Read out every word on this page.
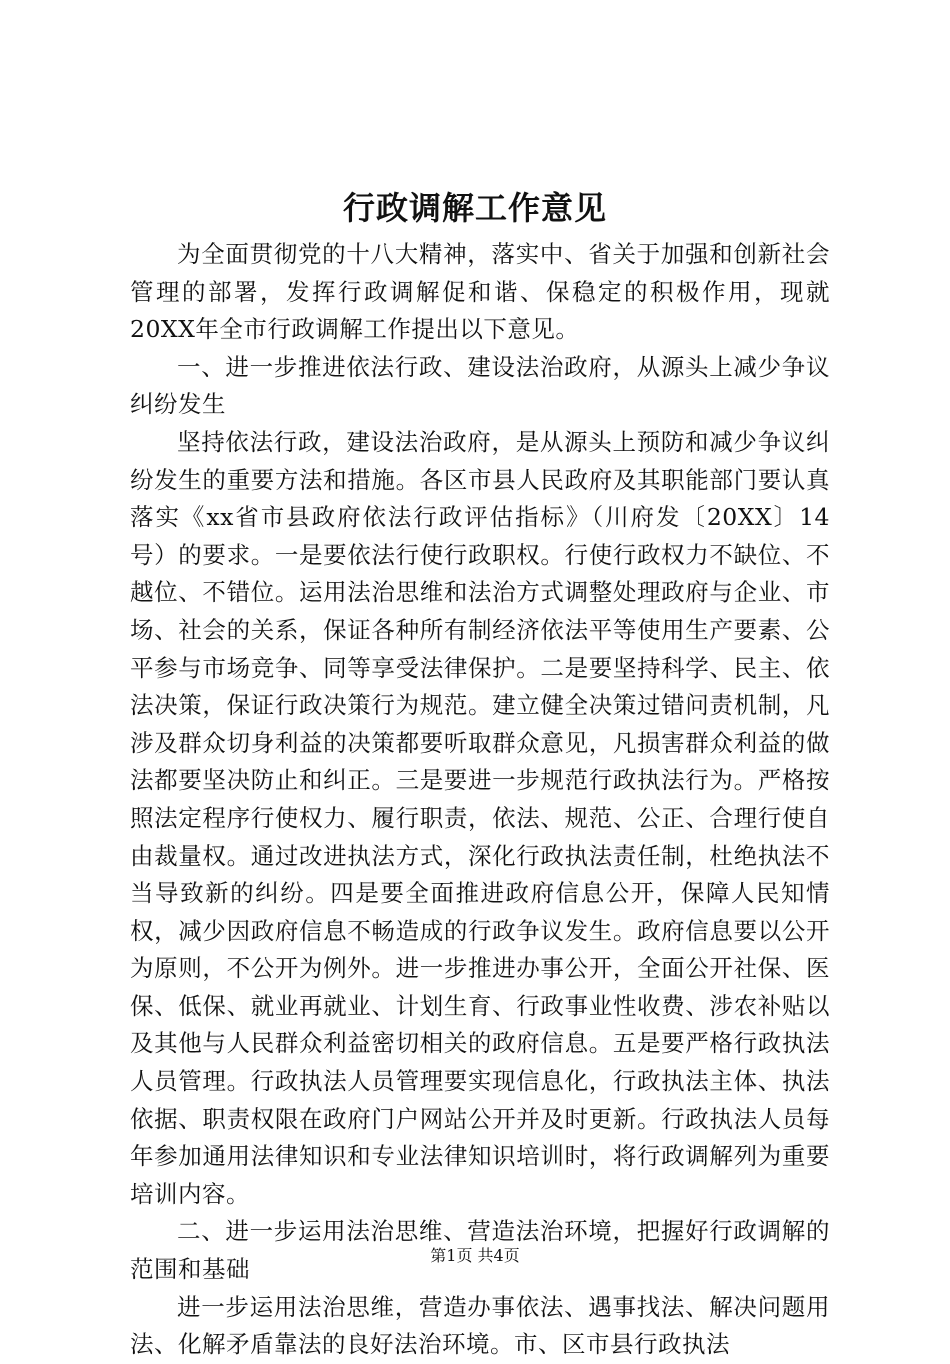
行政调解工作意见

为全面贯彻党的十八大精神，落实中、省关于加强和创新社会管理的部署，发挥行政调解促和谐、保稳定的积极作用，现就20XX年全市行政调解工作提出以下意见。

一、进一步推进依法行政、建设法治政府，从源头上减少争议纠纷发生

坚持依法行政，建设法治政府，是从源头上预防和减少争议纠纷发生的重要方法和措施。各区市县人民政府及其职能部门要认真落实《xx省市县政府依法行政评估指标》（川府发〔20XX〕14号）的要求。一是要依法行使行政职权。行使行政权力不缺位、不越位、不错位。运用法治思维和法治方式调整处理政府与企业、市场、社会的关系，保证各种所有制经济依法平等使用生产要素、公平参与市场竞争、同等享受法律保护。二是要坚持科学、民主、依法决策，保证行政决策行为规范。建立健全决策过错问责机制，凡涉及群众切身利益的决策都要听取群众意见，凡损害群众利益的做法都要坚决防止和纠正。三是要进一步规范行政执法行为。严格按照法定程序行使权力、履行职责，依法、规范、公正、合理行使自由裁量权。通过改进执法方式，深化行政执法责任制，杜绝执法不当导致新的纠纷。四是要全面推进政府信息公开，保障人民知情权，减少因政府信息不畅造成的行政争议发生。政府信息要以公开为原则，不公开为例外。进一步推进办事公开，全面公开社保、医保、低保、就业再就业、计划生育、行政事业性收费、涉农补贴以及其他与人民群众利益密切相关的政府信息。五是要严格行政执法人员管理。行政执法人员管理要实现信息化，行政执法主体、执法依据、职责权限在政府门户网站公开并及时更新。行政执法人员每年参加通用法律知识和专业法律知识培训时，将行政调解列为重要培训内容。

二、进一步运用法治思维、营造法治环境，把握好行政调解的范围和基础

进一步运用法治思维，营造办事依法、遇事找法、解决问题用法、化解矛盾靠法的良好法治环境。市、区市县行政执法

第1页 共4页
